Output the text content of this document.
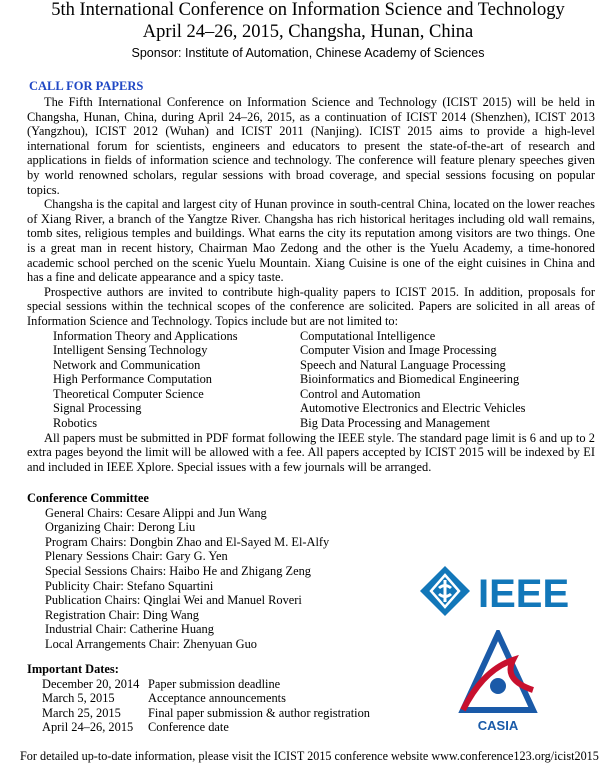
5th International Conference on Information Science and Technology
April 24–26, 2015, Changsha, Hunan, China
Sponsor: Institute of Automation, Chinese Academy of Sciences
CALL FOR PAPERS

The Fifth International Conference on Information Science and Technology (ICIST 2015) will be held in Changsha, Hunan, China, during April 24–26, 2015, as a continuation of ICIST 2014 (Shenzhen), ICIST 2013 (Yangzhou), ICIST 2012 (Wuhan) and ICIST 2011 (Nanjing). ICIST 2015 aims to provide a high-level international forum for scientists, engineers and educators to present the state-of-the-art of research and applications in fields of information science and technology. The conference will feature plenary speeches given by world renowned scholars, regular sessions with broad coverage, and special sessions focusing on popular topics.

Changsha is the capital and largest city of Hunan province in south-central China, located on the lower reaches of Xiang River, a branch of the Yangtze River. Changsha has rich historical heritages including old wall remains, tomb sites, religious temples and buildings. What earns the city its reputation among visitors are two things. One is a great man in recent history, Chairman Mao Zedong and the other is the Yuelu Academy, a time-honored academic school perched on the scenic Yuelu Mountain. Xiang Cuisine is one of the eight cuisines in China and has a fine and delicate appearance and a spicy taste.

Prospective authors are invited to contribute high-quality papers to ICIST 2015. In addition, proposals for special sessions within the technical scopes of the conference are solicited. Papers are solicited in all areas of Information Science and Technology. Topics include but are not limited to:

Information Theory and Applications	Computational Intelligence
Intelligent Sensing Technology	Computer Vision and Image Processing
Network and Communication	Speech and Natural Language Processing
High Performance Computation	Bioinformatics and Biomedical Engineering
Theoretical Computer Science	Control and Automation
Signal Processing	Automotive Electronics and Electric Vehicles
Robotics	Big Data Processing and Management

All papers must be submitted in PDF format following the IEEE style. The standard page limit is 6 and up to 2 extra pages beyond the limit will be allowed with a fee. All papers accepted by ICIST 2015 will be indexed by EI and included in IEEE Xplore. Special issues with a few journals will be arranged.

Conference Committee
General Chairs: Cesare Alippi and Jun Wang
Organizing Chair: Derong Liu
Program Chairs: Dongbin Zhao and El-Sayed M. El-Alfy
Plenary Sessions Chair: Gary G. Yen
Special Sessions Chairs: Haibo He and Zhigang Zeng
Publicity Chair: Stefano Squartini
Publication Chairs: Qinglai Wei and Manuel Roveri
Registration Chair: Ding Wang
Industrial Chair: Catherine Huang
Local Arrangements Chair: Zhenyuan Guo
Important Dates:
December 20, 2014 Paper submission deadline
March 5, 2015	Acceptance announcements
March 25, 2015	Final paper submission & author registration
April 24–26, 2015	Conference date
IEEE
CASIA
For detailed up-to-date information, please visit the ICIST 2015 conference website www.conference123.org/icist2015
